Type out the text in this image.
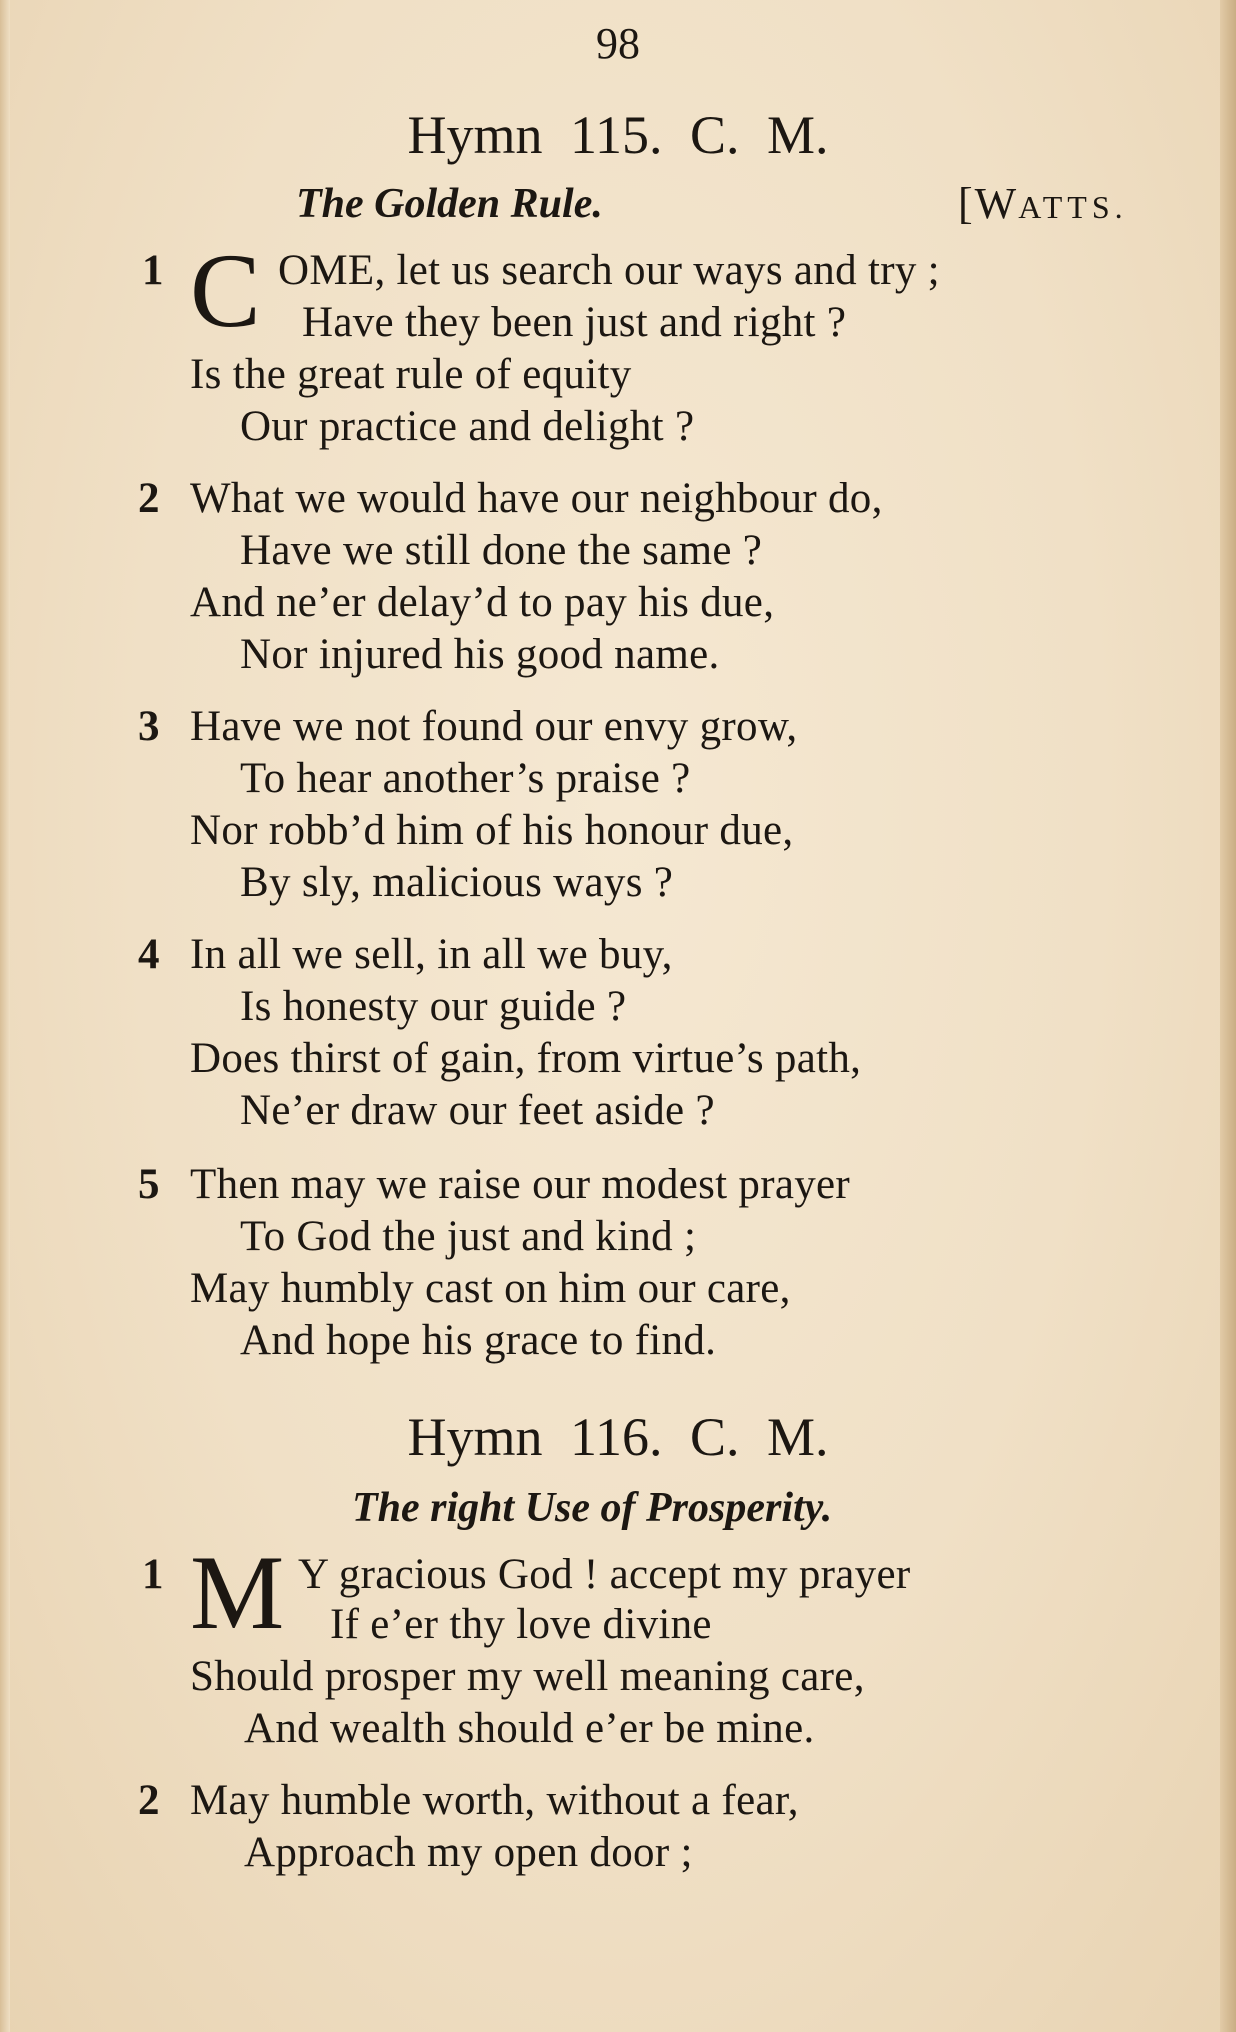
98
Hymn 115. C. M.
The Golden Rule.	[WATTS.
1 C OME, let us search our ways and try ;
Have they been just and right ?
Is the great rule of equity
Our practice and delight ?
2 What we would have our neighbour do,
Have we still done the same ?
And ne’er delay’d to pay his due,
Nor injured his good name.
3 Have we not found our envy grow,
To hear another’s praise ?
Nor robb’d him of his honour due,
By sly, malicious ways ?
4 In all we sell, in all we buy,
Is honesty our guide ?
Does thirst of gain, from virtue’s path,
Ne’er draw our feet aside ?
5 Then may we raise our modest prayer
To God the just and kind ;
May humbly cast on him our care,
And hope his grace to find.
Hymn 116. C. M.
The right Use of Prosperity.
1 M Y gracious God ! accept my prayer
If e’er thy love divine
Should prosper my well meaning care,
And wealth should e’er be mine.
2 May humble worth, without a fear,
Approach my open door ;
